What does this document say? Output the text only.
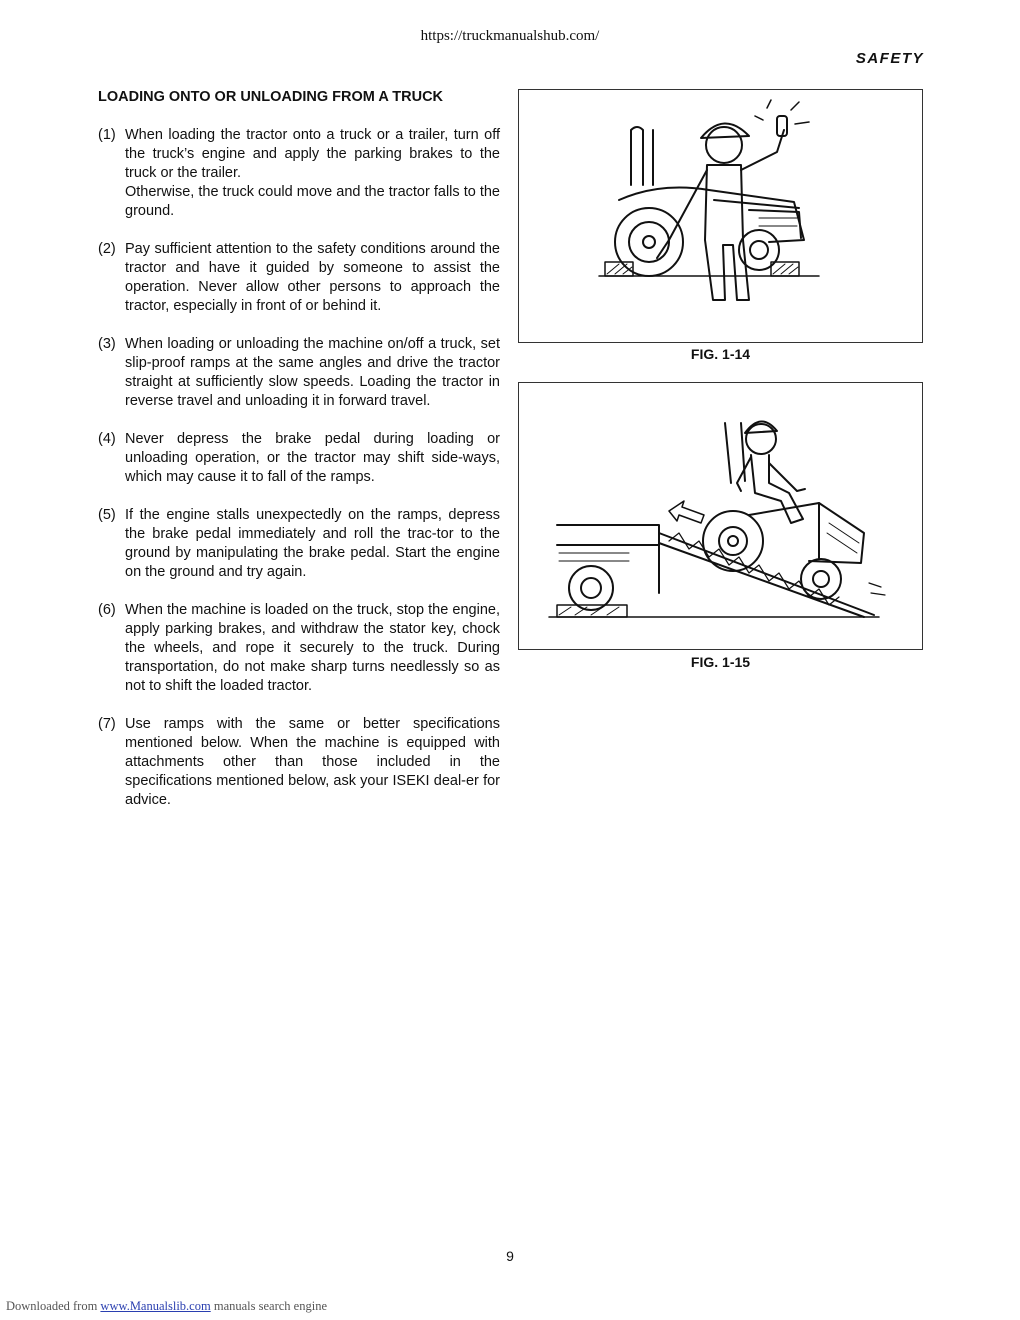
https://truckmanualshub.com/
SAFETY
LOADING ONTO OR UNLOADING FROM A TRUCK
(1) When loading the tractor onto a truck or a trailer, turn off the truck’s engine and apply the parking brakes to the truck or the trailer.

Otherwise, the truck could move and the tractor falls to the ground.

(2) Pay sufficient attention to the safety conditions around the tractor and have it guided by someone to assist the operation. Never allow other persons to approach the tractor, especially in front of or behind it.

(3) When loading or unloading the machine on/off a truck, set slip-proof ramps at the same angles and drive the tractor straight at sufficiently slow speeds. Loading the tractor in reverse travel and unloading it in forward travel.

(4) Never depress the brake pedal during loading or unloading operation, or the tractor may shift side-ways, which may cause it to fall of the ramps.

(5) If the engine stalls unexpectedly on the ramps, depress the brake pedal immediately and roll the trac-tor to the ground by manipulating the brake pedal. Start the engine on the ground and try again.

(6) When the machine is loaded on the truck, stop the engine, apply parking brakes, and withdraw the stator key, chock the wheels, and rope it securely to the truck. During transportation, do not make sharp turns needlessly so as not to shift the loaded tractor.

(7) Use ramps with the same or better specifications mentioned below. When the machine is equipped with attachments other than those included in the specifications mentioned below, ask your ISEKI deal-er for advice.

FIG. 1-14
FIG. 1-15
9
Downloaded from www.Manualslib.com manuals search engine
